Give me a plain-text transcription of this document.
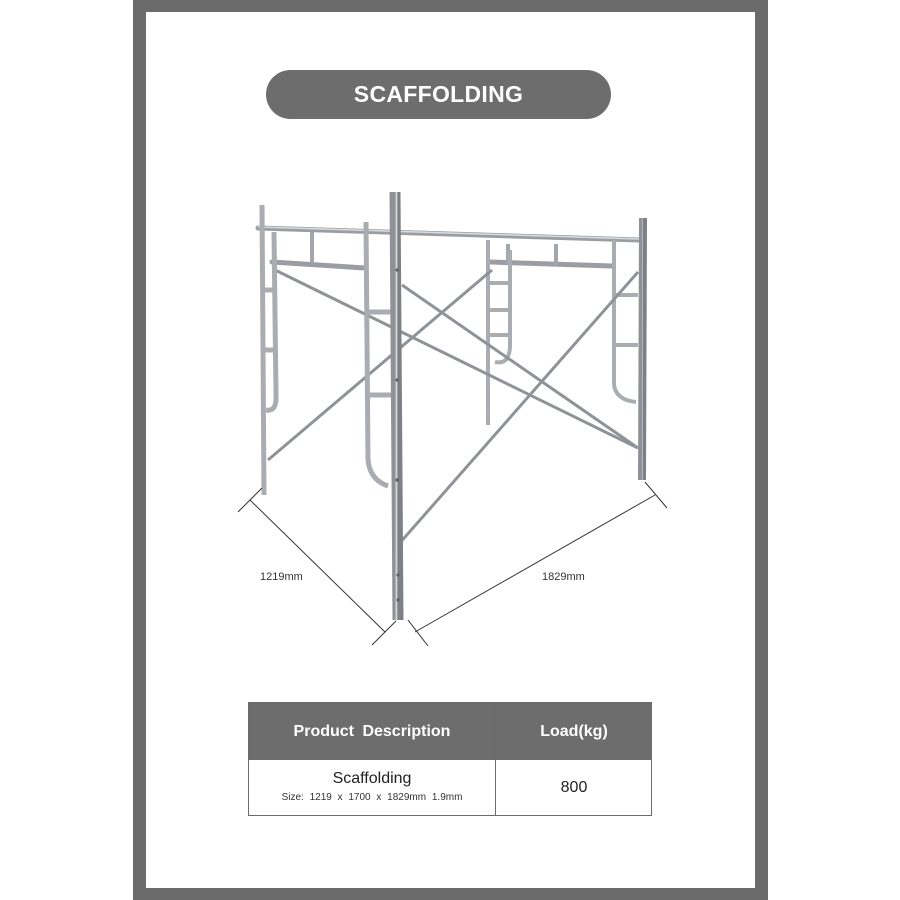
SCAFFOLDING
1219mm	1829mm
Product Description	Load(kg)
Scaffolding
Size: 1219 x 1700 x 1829mm 1.9mm
800
